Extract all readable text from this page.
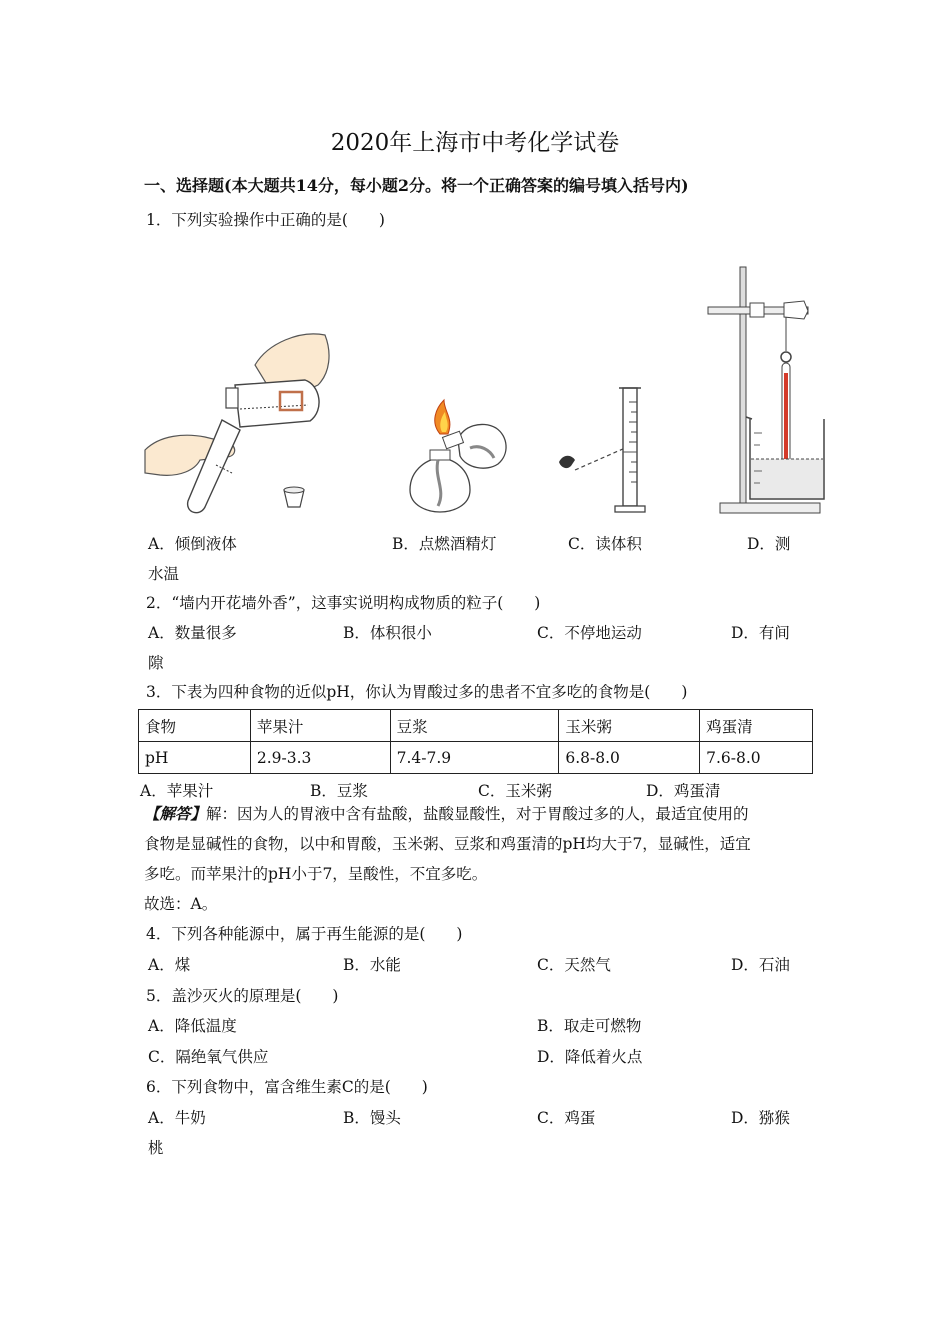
2020年上海市中考化学试卷
一、选择题(本大题共14分，每小题2分。将一个正确答案的编号填入括号内)
1．下列实验操作中正确的是(　　)
A．倾倒液体	B．点燃酒精灯	C．读体积	D．测
水温
2．“墙内开花墙外香”，这事实说明构成物质的粒子(　　)
A．数量很多	B．体积很小	C．不停地运动	D．有间
隙
3．下表为四种食物的近似pH，你认为胃酸过多的患者不宜多吃的食物是(　　)
食物	苹果汁	豆浆	玉米粥	鸡蛋清
pH	2.9-3.3	7.4-7.9	6.8-8.0	7.6-8.0
A．苹果汁	B．豆浆	C．玉米粥	D．鸡蛋清
【解答】解：因为人的胃液中含有盐酸，盐酸显酸性，对于胃酸过多的人，最适宜使用的
食物是显碱性的食物，以中和胃酸，玉米粥、豆浆和鸡蛋清的pH均大于7，显碱性，适宜
多吃。而苹果汁的pH小于7，呈酸性，不宜多吃。
故选：A。
4．下列各种能源中，属于再生能源的是(　　)
A．煤	B．水能	C．天然气	D．石油
5．盖沙灭火的原理是(　　)
A．降低温度	B．取走可燃物
C．隔绝氧气供应	D．降低着火点
6．下列食物中，富含维生素C的是(　　)
A．牛奶	B．馒头	C．鸡蛋	D．猕猴
桃
